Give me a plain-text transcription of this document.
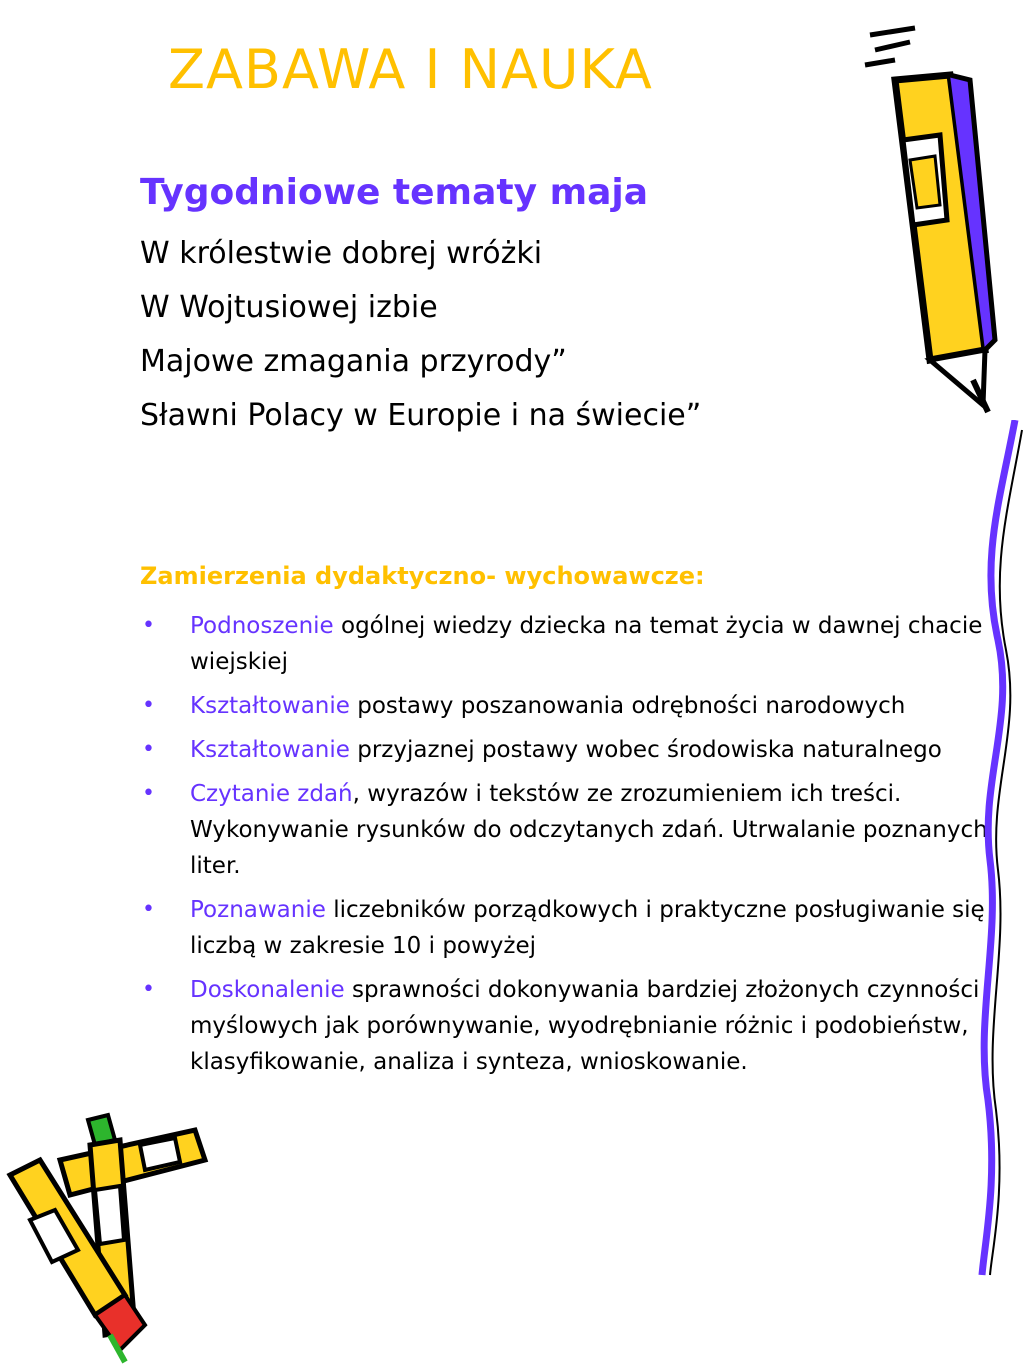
ZABAWA I NAUKA
Tygodniowe tematy maja

W królestwie dobrej wróżki

W Wojtusiowej izbie

Majowe zmagania przyrody”

Sławni Polacy w Europie i na świecie”

Zamierzenia dydaktyczno- wychowawcze:
• Podnoszenie ogólnej wiedzy dziecka na temat życia w dawnej chacie wiejskiej
• Kształtowanie postawy poszanowania odrębności narodowych
• Kształtowanie przyjaznej postawy wobec środowiska naturalnego
• Czytanie zdań, wyrazów i tekstów ze zrozumieniem ich treści. Wykonywanie rysunków do odczytanych zdań. Utrwalanie poznanych liter.
• Poznawanie liczebników porządkowych i praktyczne posługiwanie się liczbą w zakresie 10 i powyżej
• Doskonalenie sprawności dokonywania bardziej złożonych czynności myślowych jak porównywanie, wyodrębnianie różnic i podobieństw, klasyfikowanie, analiza i synteza, wnioskowanie.
